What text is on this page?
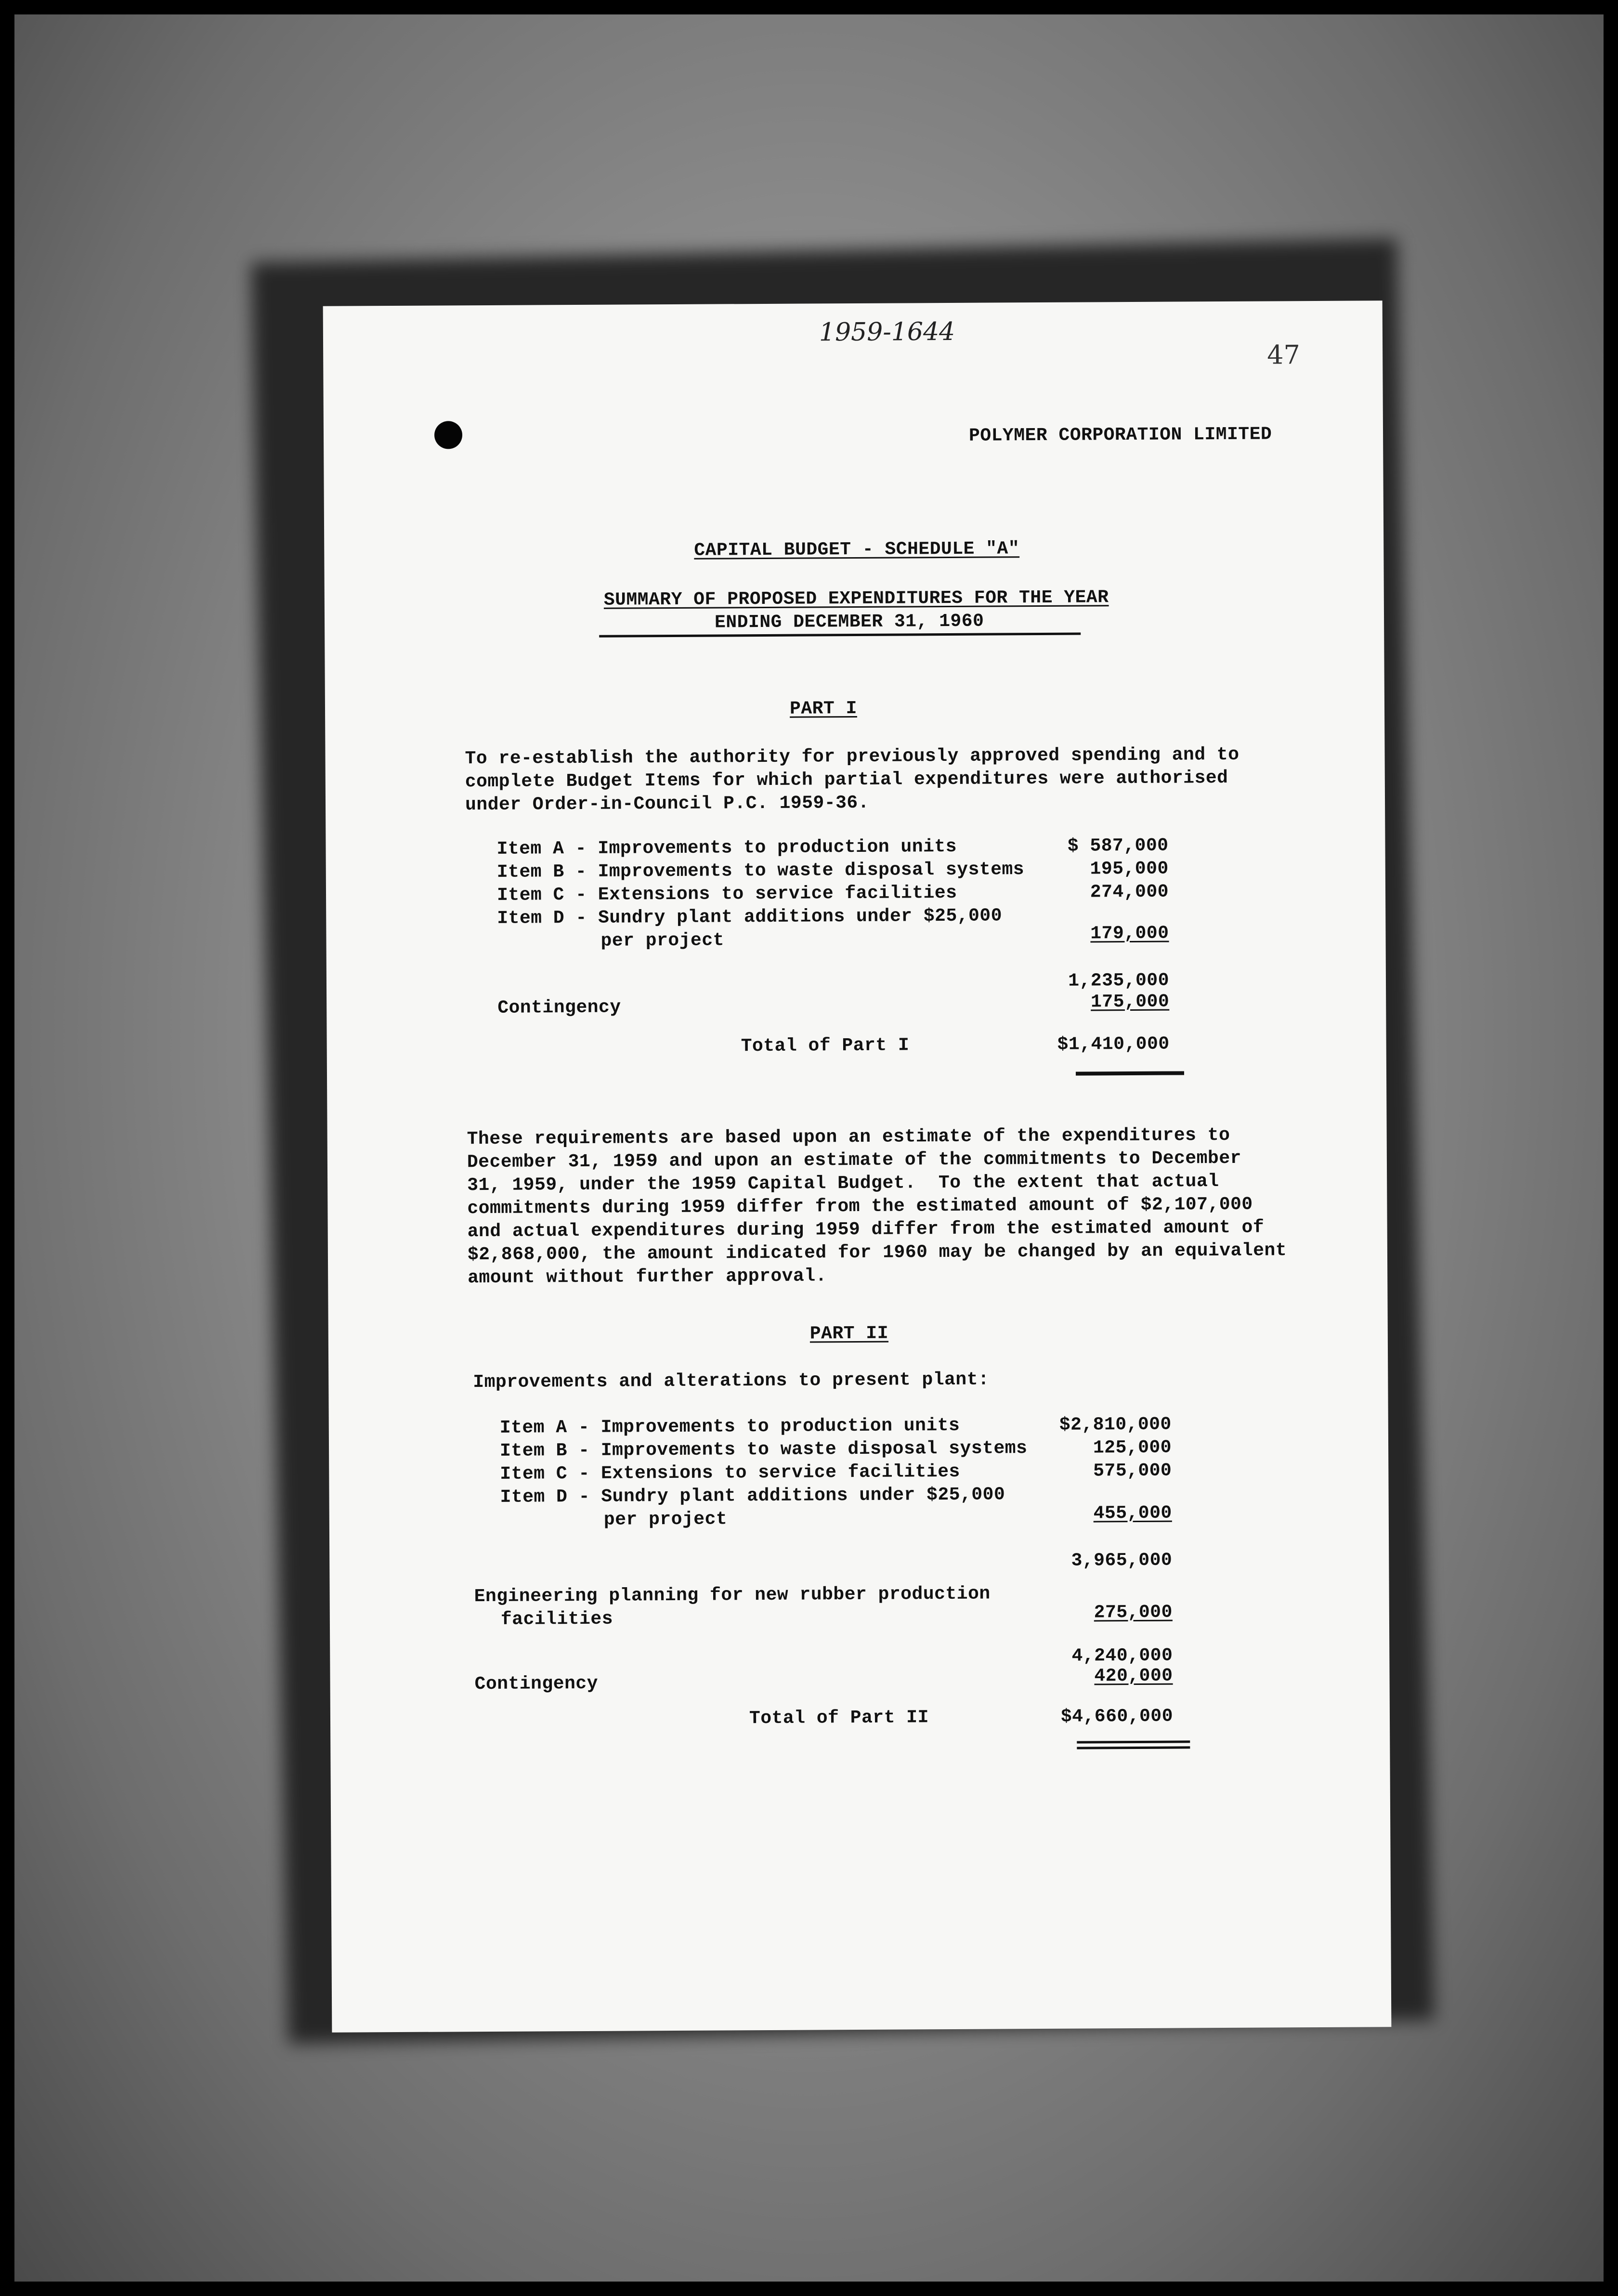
1959-1644
47
POLYMER CORPORATION LIMITED
CAPITAL BUDGET - SCHEDULE "A"
SUMMARY OF PROPOSED EXPENDITURES FOR THE YEAR
ENDING DECEMBER 31, 1960
PART I
To re-establish the authority for previously approved spending and to
complete Budget Items for which partial expenditures were authorised
under Order-in-Council P.C. 1959-36.
Item A - Improvements to production units	$ 587,000
Item B - Improvements to waste disposal systems	195,000
Item C - Extensions to service facilities	274,000
Item D - Sundry plant additions under $25,000
per project	179,000
1,235,000
Contingency	175,000
Total of Part I	$1,410,000
These requirements are based upon an estimate of the expenditures to
December 31, 1959 and upon an estimate of the commitments to December
31, 1959, under the 1959 Capital Budget.  To the extent that actual
commitments during 1959 differ from the estimated amount of $2,107,000
and actual expenditures during 1959 differ from the estimated amount of
$2,868,000, the amount indicated for 1960 may be changed by an equivalent
amount without further approval.
PART II
Improvements and alterations to present plant:
Item A - Improvements to production units	$2,810,000
Item B - Improvements to waste disposal systems	125,000
Item C - Extensions to service facilities	575,000
Item D - Sundry plant additions under $25,000
per project	455,000
3,965,000
Engineering planning for new rubber production
facilities	275,000
4,240,000
Contingency	420,000
Total of Part II	$4,660,000
